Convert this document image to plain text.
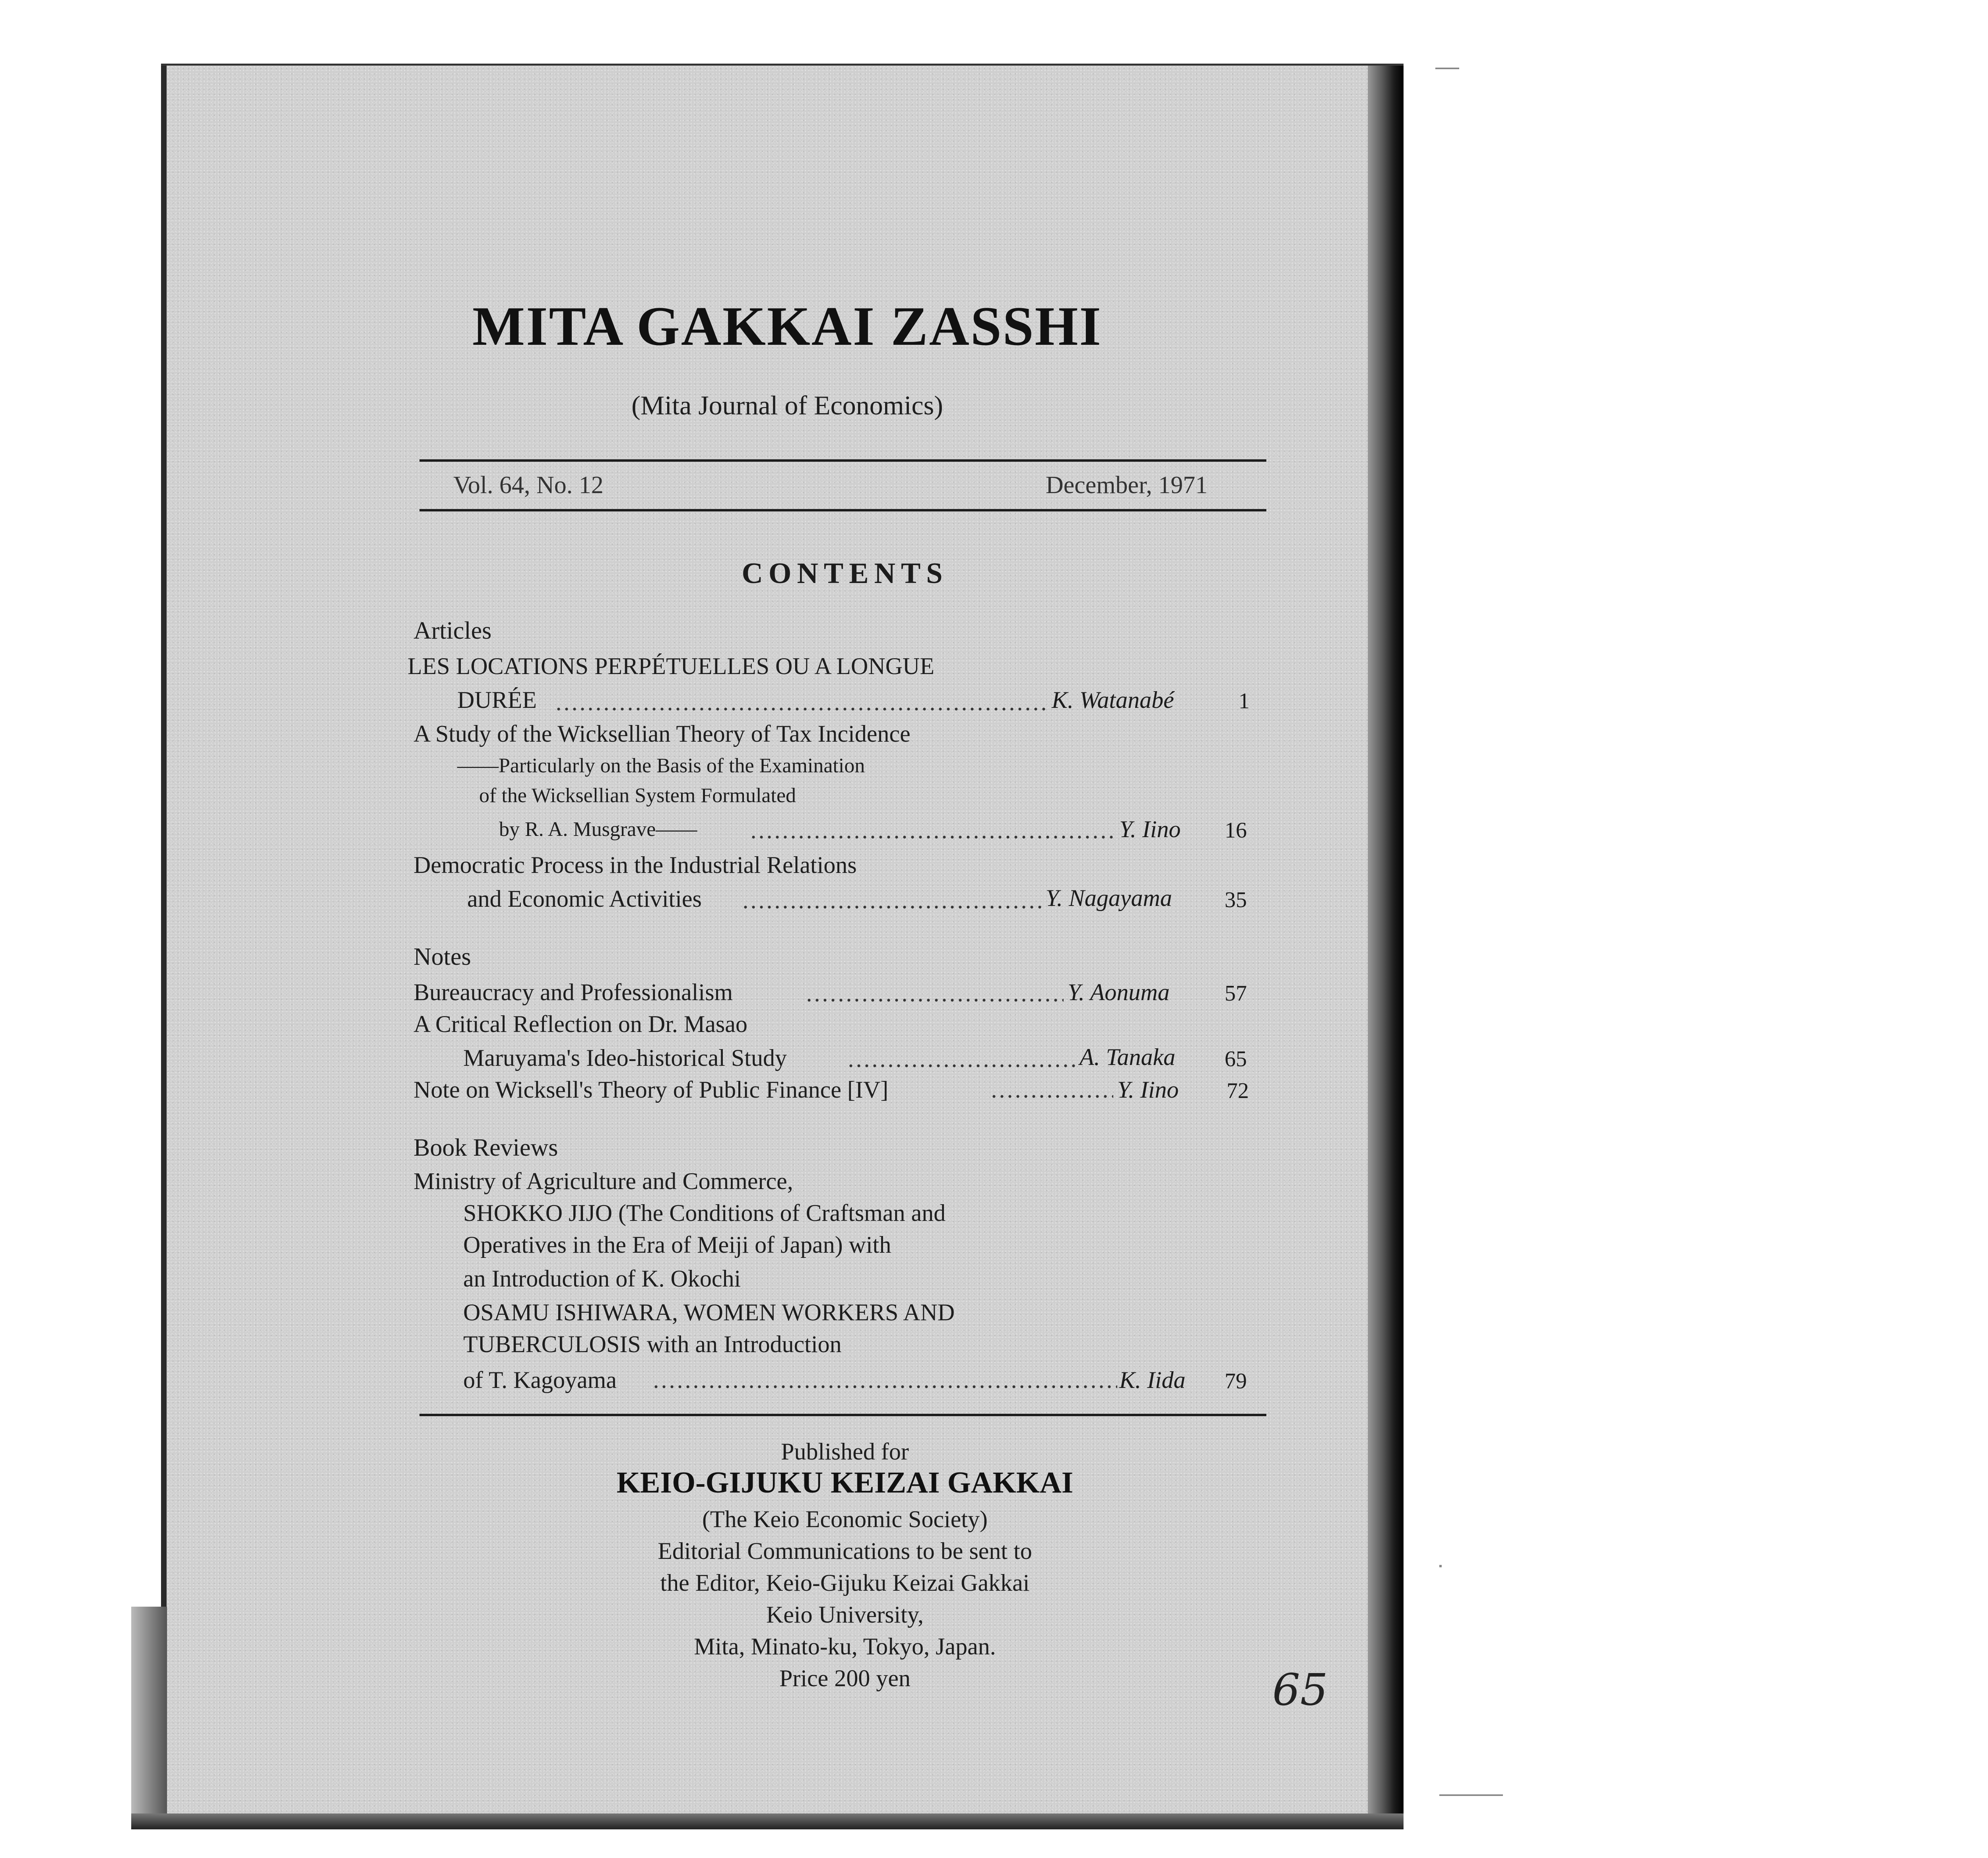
MITA GAKKAI ZASSHI
(Mita Journal of Economics)
Vol. 64, No. 12	December, 1971
CONTENTS
Articles
LES LOCATIONS PERPÉTUELLES OU A LONGUE
DURÉE	K. Watanabé	1
A Study of the Wicksellian Theory of Tax Incidence
——Particularly on the Basis of the Examination
of the Wicksellian System Formulated
by R. A. Musgrave——	Y. Iino 16
Democratic Process in the Industrial Relations
and Economic Activities	Y. Nagayama 35
Notes
Bureaucracy and Professionalism	Y. Aonuma 57
A Critical Reflection on Dr. Masao
Maruyama's Ideo-historical Study	A. Tanaka 65
Note on Wicksell's Theory of Public Finance [IV]	Y. Iino 72
Book Reviews
Ministry of Agriculture and Commerce,
SHOKKO JIJO (The Conditions of Craftsman and
Operatives in the Era of Meiji of Japan) with
an Introduction of K. Okochi
OSAMU ISHIWARA, WOMEN WORKERS AND
TUBERCULOSIS with an Introduction
of T. Kagoyama	K. Iida 79
Published for
KEIO-GIJUKU KEIZAI GAKKAI
(The Keio Economic Society)
Editorial Communications to be sent to
the Editor, Keio-Gijuku Keizai Gakkai
Keio University,
Mita, Minato-ku, Tokyo, Japan.
Price 200 yen	65
